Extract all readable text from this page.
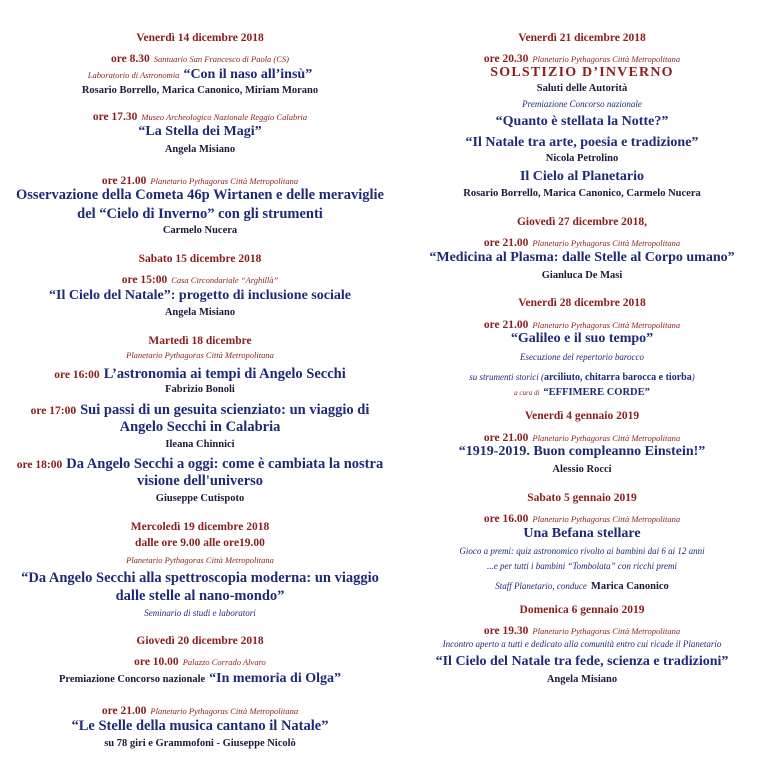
Venerdì 14 dicembre 2018
ore 8.30 Santuario San Francesco di Paola (CS)
Laboratorio di Astronomia “Con il naso all’insù”
Rosario Borrello, Marica Canonico, Miriam Morano
ore 17.30 Museo Archeologico Nazionale Reggio Calabria
“La Stella dei Magi”
Angela Misiano
ore 21.00 Planetario Pythagoras Città Metropolitana
Osservazione della Cometa 46p Wirtanen e delle meraviglie
del “Cielo di Inverno” con gli strumenti
Carmelo Nucera
Sabato 15 dicembre 2018
ore 15:00 Casa Circondariale “Arghillà”
“Il Cielo del Natale”: progetto di inclusione sociale
Angela Misiano
Martedì 18 dicembre
Planetario Pythagoras Città Metropolitana
ore 16:00 L’astronomia ai tempi di Angelo Secchi
Fabrizio Bonoli
ore 17:00 Sui passi di un gesuita scienziato: un viaggio di
Angelo Secchi in Calabria
Ileana Chinnici
ore 18:00 Da Angelo Secchi a oggi: come è cambiata la nostra
visione dell'universo
Giuseppe Cutispoto
Mercoledì 19 dicembre 2018
dalle ore 9.00 alle ore19.00
Planetario Pythagoras Città Metropolitana
“Da Angelo Secchi alla spettroscopia moderna: un viaggio
dalle stelle al nano-mondo”
Seminario di studi e laboratori
Giovedì 20 dicembre 2018
ore 10.00 Palazzo Corrado Alvaro
Premiazione Concorso nazionale “In memoria di Olga”
ore 21.00 Planetario Pythagoras Città Metropolitana
“Le Stelle della musica cantano il Natale”
su 78 giri e Grammofoni - Giuseppe Nicolò
Venerdì 21 dicembre 2018
ore 20.30 Planetario Pythagoras Città Metropolitana
SOLSTIZIO D’INVERNO
Saluti delle Autorità
Premiazione Concorso nazionale
“Quanto è stellata la Notte?”
“Il Natale tra arte, poesia e tradizione”
Nicola Petrolino
Il Cielo al Planetario
Rosario Borrello, Marica Canonico, Carmelo Nucera
Giovedì 27 dicembre 2018,
ore 21.00 Planetario Pythagoras Città Metropolitana
“Medicina al Plasma: dalle Stelle al Corpo umano”
Gianluca De Masi
Venerdì 28 dicembre 2018
ore 21.00 Planetario Pythagoras Città Metropolitana
“Galileo e il suo tempo”
Esecuzione del repertorio barocco
su strumenti storici (arciliuto, chitarra barocca e tiorba)
a cura di “EFFIMERE CORDE”
Venerdì 4 gennaio 2019
ore 21.00 Planetario Pythagoras Città Metropolitana
“1919-2019. Buon compleanno Einstein!”
Alessio Rocci
Sabato 5 gennaio 2019
ore 16.00 Planetario Pythagoras Città Metropolitana
Una Befana stellare
Gioco a premi: quiz astronomico rivolto ai bambini dai 6 ai 12 anni
...e per tutti i bambini “Tombolata” con ricchi premi
Staff Planetario, conduce Marica Canonico
Domenica 6 gennaio 2019
ore 19.30 Planetario Pythagoras Città Metropolitana
Incontro aperto a tutti e dedicato alla comunità entro cui ricade il Planetario
“Il Cielo del Natale tra fede, scienza e tradizioni”
Angela Misiano
